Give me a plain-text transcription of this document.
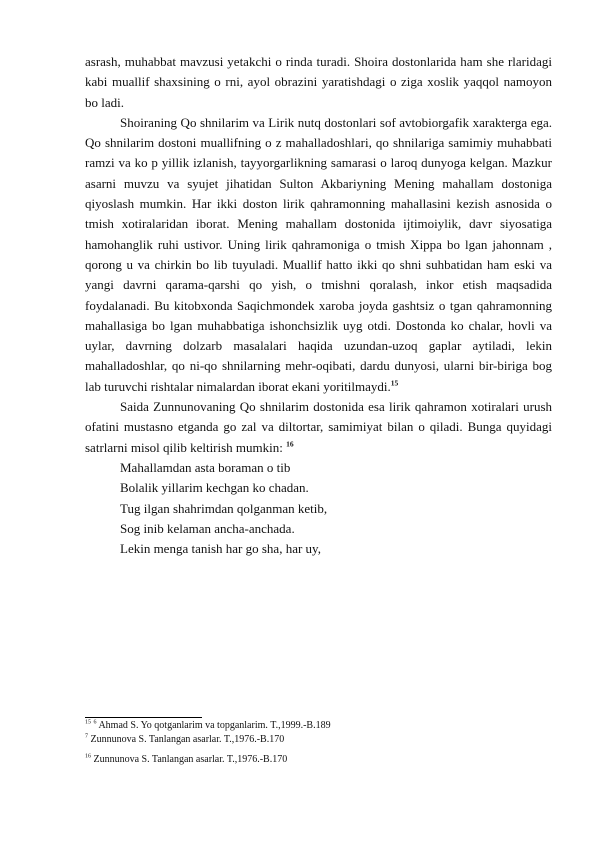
asrash, muhabbat mavzusi yetakchi o rinda turadi. Shoira dostonlarida ham she rlaridagi kabi muallif shaxsining o rni, ayol obrazini yaratishdagi o ziga xoslik yaqqol namoyon bo ladi.

Shoiraning Qo shnilarim va Lirik nutq dostonlari sof avtobiorgafik xarakterga ega. Qo shnilarim dostoni muallifning o z mahalladoshlari, qo shnilariga samimiy muhabbati ramzi va ko p yillik izlanish, tayyorgarlikning samarasi o laroq dunyoga kelgan. Mazkur asarni muvzu va syujet jihatidan Sulton Akbariyning Mening mahallam dostoniga qiyoslash mumkin. Har ikki doston lirik qahramonning mahallasini kezish asnosida o tmish xotiralaridan iborat. Mening mahallam dostonida ijtimoiylik, davr siyosatiga hamohanglik ruhi ustivor. Uning lirik qahramoniga o tmish Xippa bo lgan jahonnam , qorong u va chirkin bo lib tuyuladi. Muallif hatto ikki qo shni suhbatidan ham eski va yangi davrni qarama-qarshi qo yish, o tmishni qoralash, inkor etish maqsadida foydalanadi. Bu kitobxonda Saqichmondek xaroba joyda gashtsiz o tgan qahramonning mahallasiga bo lgan muhabbatiga ishonchsizlik uyg otdi. Dostonda ko chalar, hovli va uylar, davrning dolzarb masalalari haqida uzundan-uzoq gaplar aytiladi, lekin mahalladoshlar, qo ni-qo shnilarning mehr-oqibati, dardu dunyosi, ularni bir-biriga bog lab turuvchi rishtalar nimalardan iborat ekani yoritilmaydi.$^{15}$

Saida Zunnunovaning Qo shnilarim dostonida esa lirik qahramon xotiralari urush ofatini mustasno etganda go zal va diltortar, samimiyat bilan o qiladi. Bunga quyidagi satrlarni misol qilib keltirish mumkin: $^{16}$

Mahallamdan asta boraman o tib

Bolalik yillarim kechgan ko chadan.

Tug ilgan shahrimdan qolganman ketib,

Sog inib kelaman ancha-anchada.

Lekin menga tanish har go sha, har uy,

$^{15}$ $^6$ Ahmad S. Yo qotganlarim va topganlarim. T.,1999.-B.189

$^7$ Zunnunova S. Tanlangan asarlar. T.,1976.-B.170

$^{16}$ Zunnunova S. Tanlangan asarlar. T.,1976.-B.170
